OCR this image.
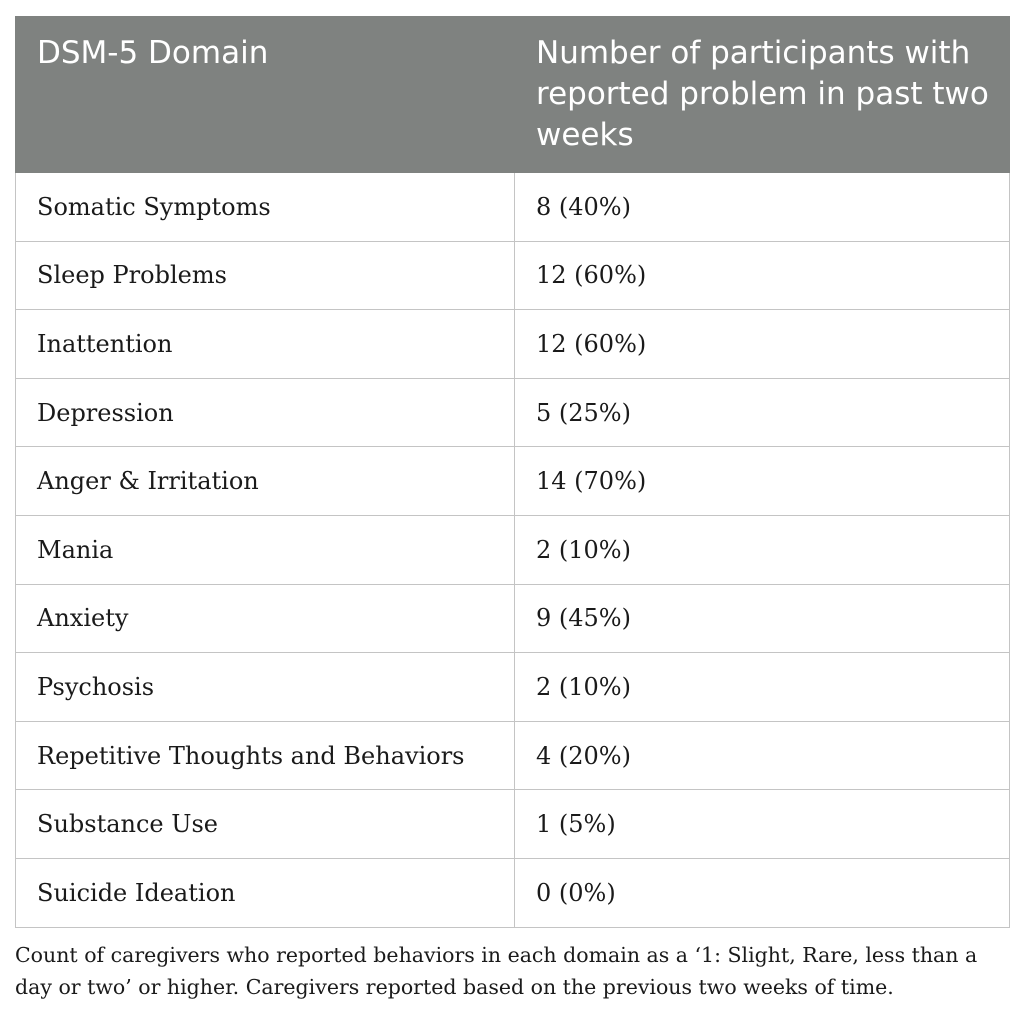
DSM-5 Domain	Number of participants with reported problem in past two weeks
Somatic Symptoms	8 (40%)
Sleep Problems	12 (60%)
Inattention	12 (60%)
Depression	5 (25%)
Anger & Irritation	14 (70%)
Mania	2 (10%)
Anxiety	9 (45%)
Psychosis	2 (10%)
Repetitive Thoughts and Behaviors	4 (20%)
Substance Use	1 (5%)
Suicide Ideation	0 (0%)

Count of caregivers who reported behaviors in each domain as a ‘1: Slight, Rare, less than a day or two’ or higher. Caregivers reported based on the previous two weeks of time.
